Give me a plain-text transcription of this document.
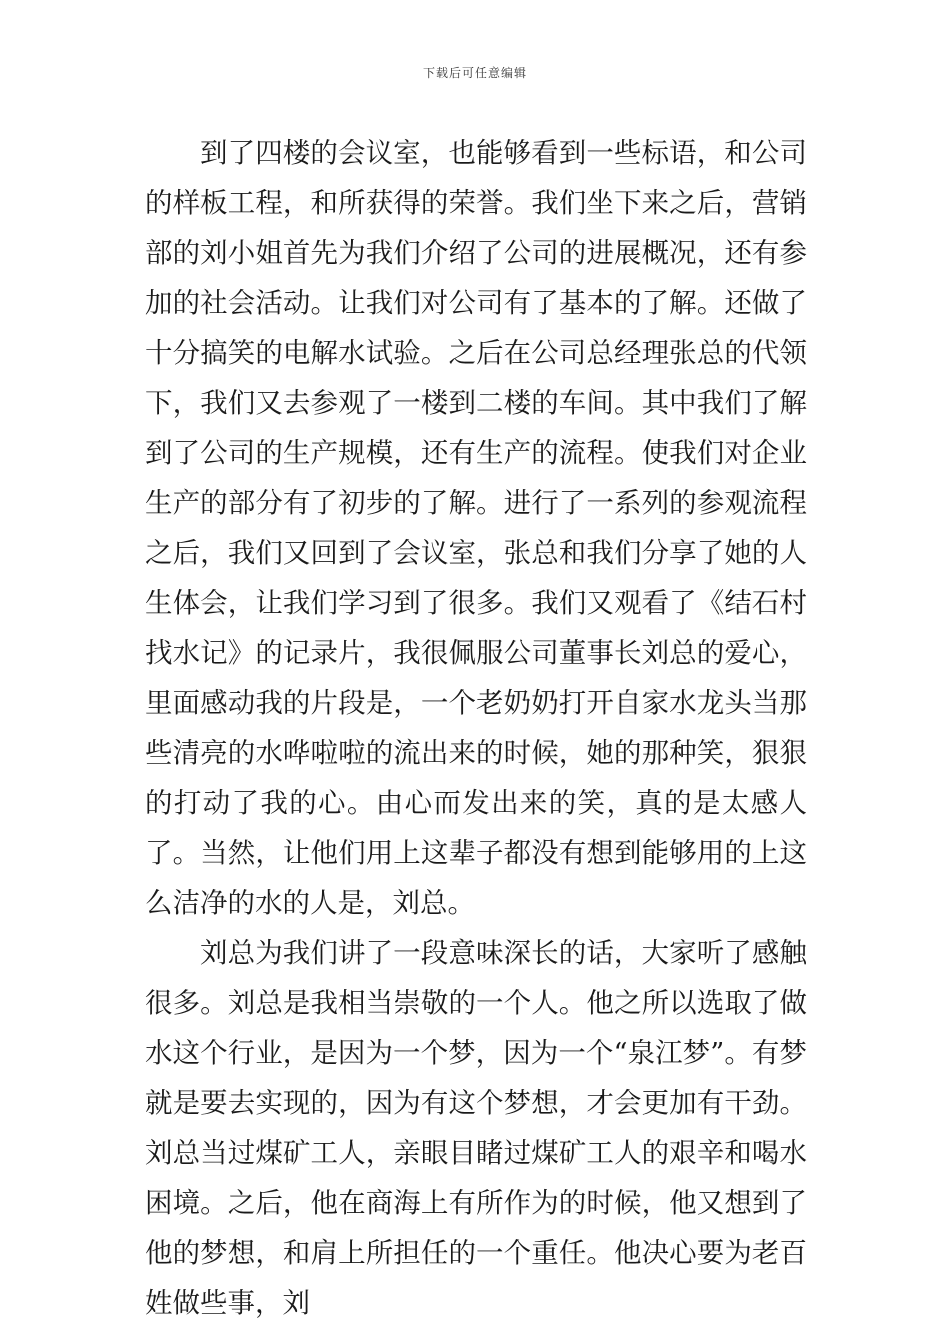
下载后可任意编辑

到了四楼的会议室，也能够看到一些标语，和公司的样板工程，和所获得的荣誉。我们坐下来之后，营销部的刘小姐首先为我们介绍了公司的进展概况，还有参加的社会活动。让我们对公司有了基本的了解。还做了十分搞笑的电解水试验。之后在公司总经理张总的代领下，我们又去参观了一楼到二楼的车间。其中我们了解到了公司的生产规模，还有生产的流程。使我们对企业生产的部分有了初步的了解。进行了一系列的参观流程之后，我们又回到了会议室，张总和我们分享了她的人生体会，让我们学习到了很多。我们又观看了《结石村找水记》的记录片，我很佩服公司董事长刘总的爱心，里面感动我的片段是，一个老奶奶打开自家水龙头当那些清亮的水哗啦啦的流出来的时候，她的那种笑，狠狠的打动了我的心。由心而发出来的笑，真的是太感人了。当然，让他们用上这辈子都没有想到能够用的上这么洁净的水的人是，刘总。

刘总为我们讲了一段意味深长的话，大家听了感触很多。刘总是我相当崇敬的一个人。他之所以选取了做水这个行业，是因为一个梦，因为一个“泉江梦”。有梦就是要去实现的，因为有这个梦想，才会更加有干劲。刘总当过煤矿工人，亲眼目睹过煤矿工人的艰辛和喝水困境。之后，他在商海上有所作为的时候，他又想到了他的梦想，和肩上所担任的一个重任。他决心要为老百姓做些事，刘
